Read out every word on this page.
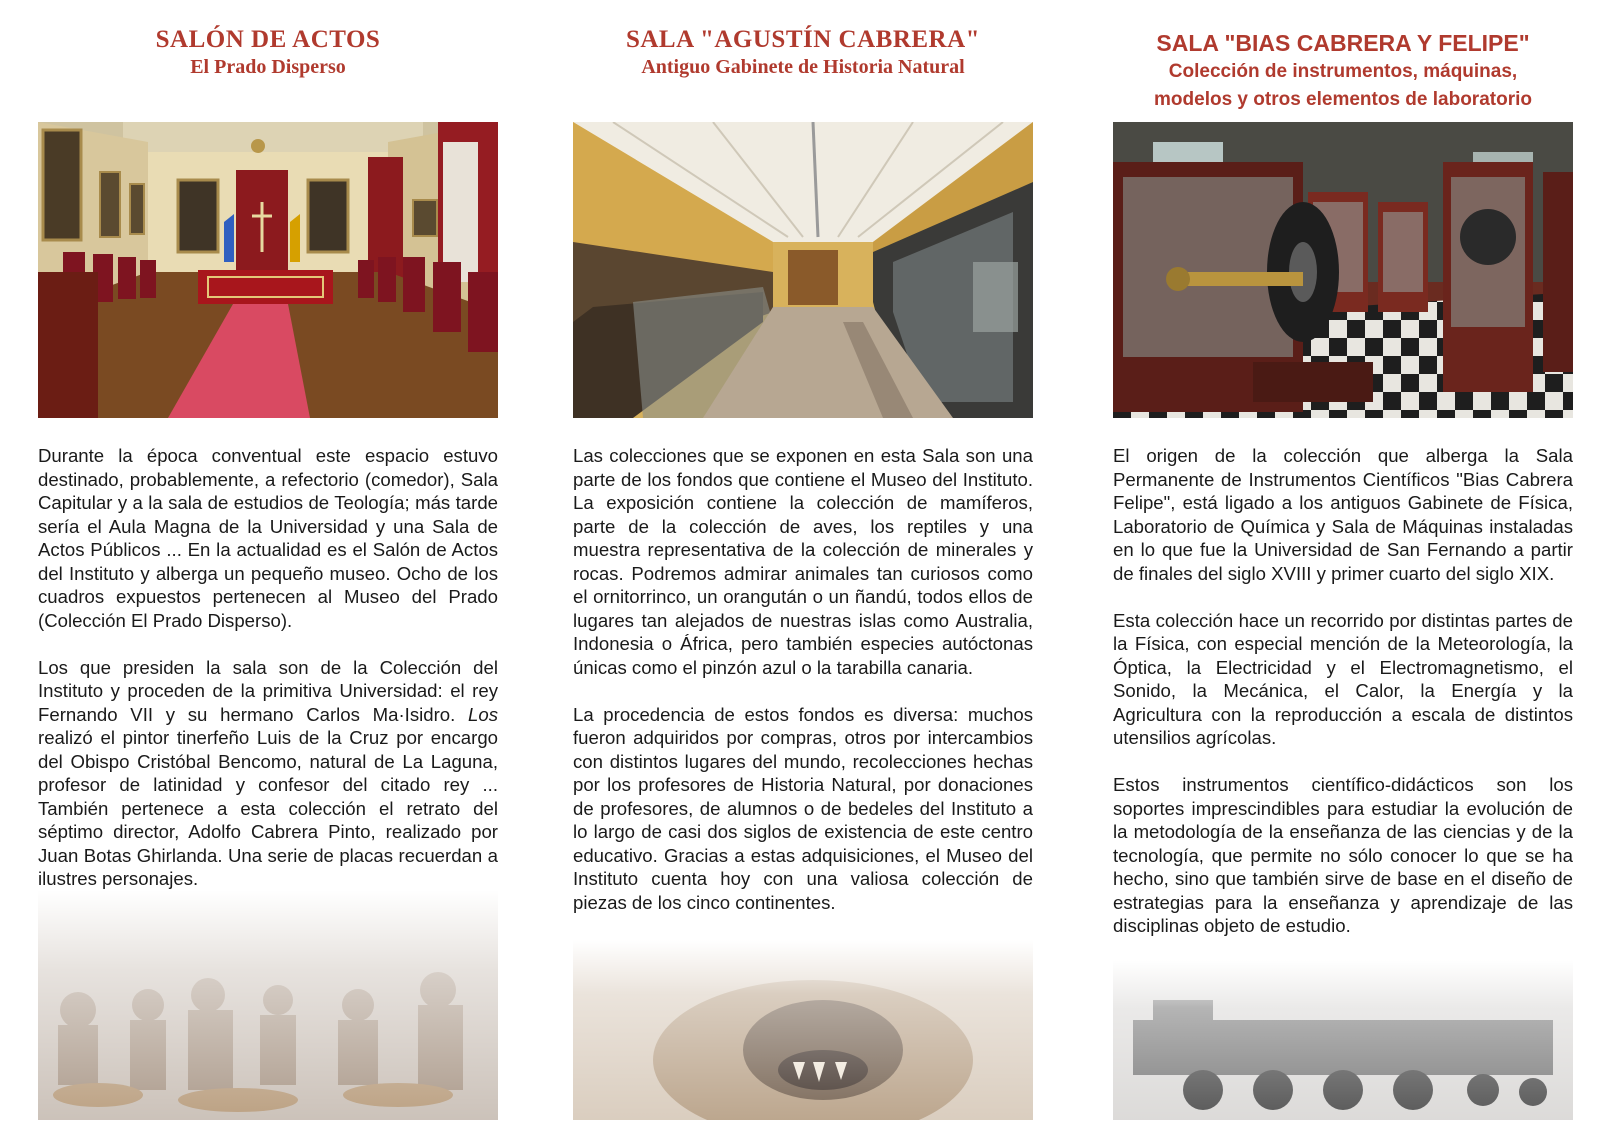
SALÓN DE ACTOS
El Prado Disperso

Durante la época conventual este espacio estuvo destinado, probablemente, a refectorio (comedor), Sala Capitular y a la sala de estudios de Teología; más tarde sería el Aula Magna de la Universidad y una Sala de Actos Públicos ... En la actualidad es el Salón de Actos del Instituto y alberga un pequeño museo. Ocho de los cuadros expuestos pertenecen al Museo del Prado (Colección El Prado Disperso).

Los que presiden la sala son de la Colección del Instituto y proceden de la primitiva Universidad: el rey Fernando VII y su hermano Carlos Ma·Isidro. Los realizó el pintor tinerfeño Luis de la Cruz por encargo del Obispo Cristóbal Bencomo, natural de La Laguna, profesor de latinidad y confesor del citado rey ... También pertenece a esta colección el retrato del séptimo director, Adolfo Cabrera Pinto, realizado por Juan Botas Ghirlanda. Una serie de placas recuerdan a ilustres personajes.

SALA "AGUSTÍN CABRERA"
Antiguo Gabinete de Historia Natural

Las colecciones que se exponen en esta Sala son una parte de los fondos que contiene el Museo del Instituto. La exposición contiene la colección de mamíferos, parte de la colección de aves, los reptiles y una muestra representativa de la colección de minerales y rocas. Podremos admirar animales tan curiosos como el ornitorrinco, un orangután o un ñandú, todos ellos de lugares tan alejados de nuestras islas como Australia, Indonesia o África, pero también especies autóctonas únicas como el pinzón azul o la tarabilla canaria.

La procedencia de estos fondos es diversa: muchos fueron adquiridos por compras, otros por intercambios con distintos lugares del mundo, recolecciones hechas por los profesores de Historia Natural, por donaciones de profesores, de alumnos o de bedeles del Instituto a lo largo de casi dos siglos de existencia de este centro educativo. Gracias a estas adquisiciones, el Museo del Instituto cuenta hoy con una valiosa colección de piezas de los cinco continentes.

SALA "BIAS CABRERA Y FELIPE"
Colección de instrumentos, máquinas,
modelos y otros elementos de laboratorio

El origen de la colección que alberga la Sala Permanente de Instrumentos Científicos "Bias Cabrera Felipe", está ligado a los antiguos Gabinete de Física, Laboratorio de Química y Sala de Máquinas instaladas en lo que fue la Universidad de San Fernando a partir de finales del siglo XVIII y primer cuarto del siglo XIX.

Esta colección hace un recorrido por distintas partes de la Física, con especial mención de la Meteorología, la Óptica, la Electricidad y el Electromagnetismo, el Sonido, la Mecánica, el Calor, la Energía y la Agricultura con la reproducción a escala de distintos utensilios agrícolas.

Estos instrumentos científico-didácticos son los soportes imprescindibles para estudiar la evolución de la metodología de la enseñanza de las ciencias y de la tecnología, que permite no sólo conocer lo que se ha hecho, sino que también sirve de base en el diseño de estrategias para la enseñanza y aprendizaje de las disciplinas objeto de estudio.
